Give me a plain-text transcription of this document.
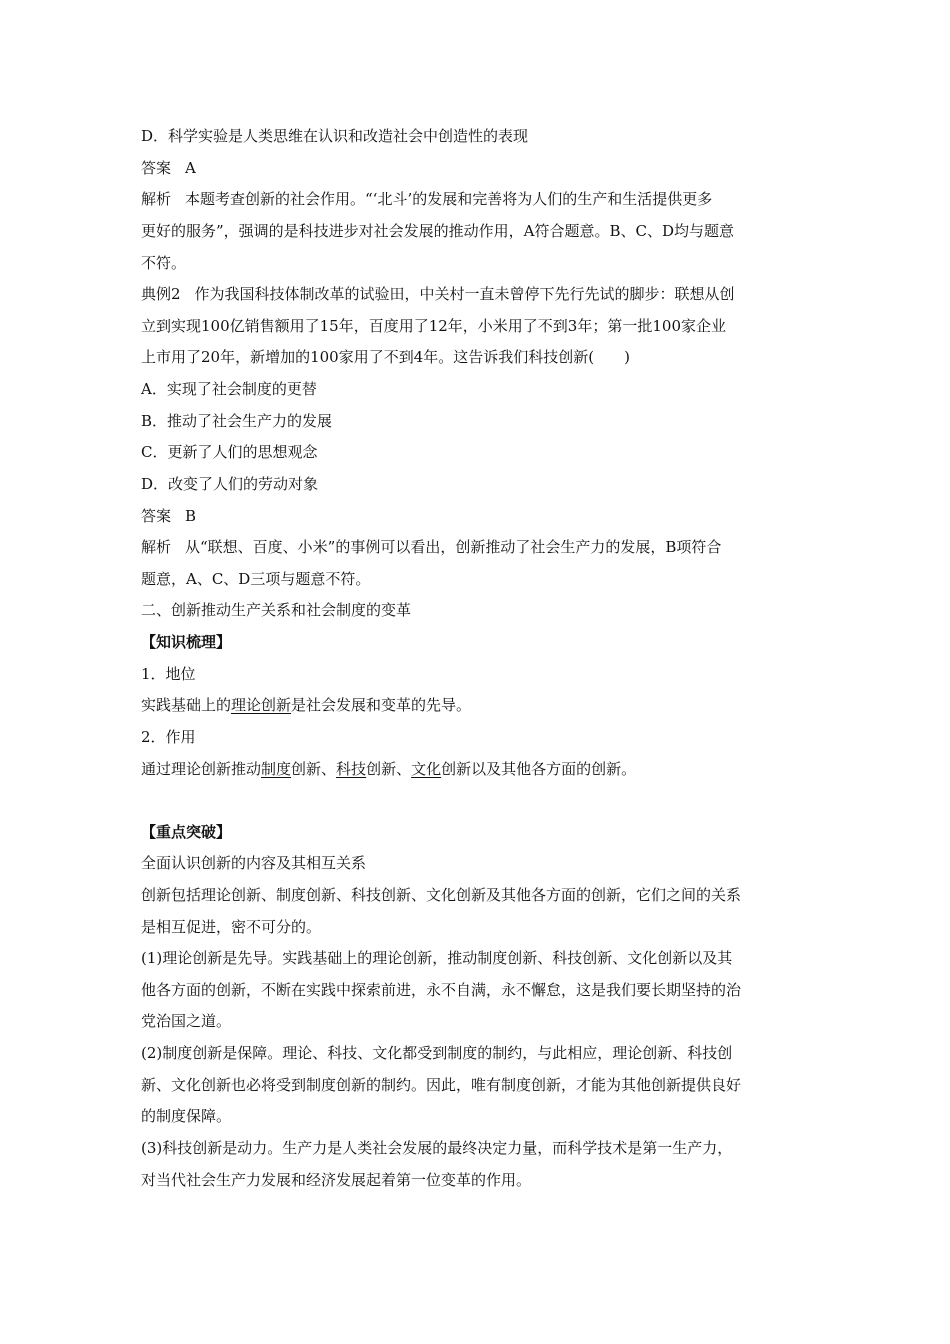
D．科学实验是人类思维在认识和改造社会中创造性的表现
答案 A
解析 本题考查创新的社会作用。“‘北斗’的发展和完善将为人们的生产和生活提供更多
更好的服务”，强调的是科技进步对社会发展的推动作用，A符合题意。B、C、D均与题意
不符。
典例2 作为我国科技体制改革的试验田，中关村一直未曾停下先行先试的脚步：联想从创
立到实现100亿销售额用了15年，百度用了12年，小米用了不到3年；第一批100家企业
上市用了20年，新增加的100家用了不到4年。这告诉我们科技创新(　　)
A．实现了社会制度的更替
B．推动了社会生产力的发展
C．更新了人们的思想观念
D．改变了人们的劳动对象
答案 B
解析 从“联想、百度、小米”的事例可以看出，创新推动了社会生产力的发展，B项符合
题意，A、C、D三项与题意不符。
二、创新推动生产关系和社会制度的变革
【知识梳理】
1．地位
实践基础上的理论创新是社会发展和变革的先导。
2．作用
通过理论创新推动制度创新、科技创新、文化创新以及其他各方面的创新。
【重点突破】
全面认识创新的内容及其相互关系
创新包括理论创新、制度创新、科技创新、文化创新及其他各方面的创新，它们之间的关系
是相互促进，密不可分的。
(1)理论创新是先导。实践基础上的理论创新，推动制度创新、科技创新、文化创新以及其
他各方面的创新，不断在实践中探索前进，永不自满，永不懈怠，这是我们要长期坚持的治
党治国之道。
(2)制度创新是保障。理论、科技、文化都受到制度的制约，与此相应，理论创新、科技创
新、文化创新也必将受到制度创新的制约。因此，唯有制度创新，才能为其他创新提供良好
的制度保障。
(3)科技创新是动力。生产力是人类社会发展的最终决定力量，而科学技术是第一生产力，
对当代社会生产力发展和经济发展起着第一位变革的作用。
